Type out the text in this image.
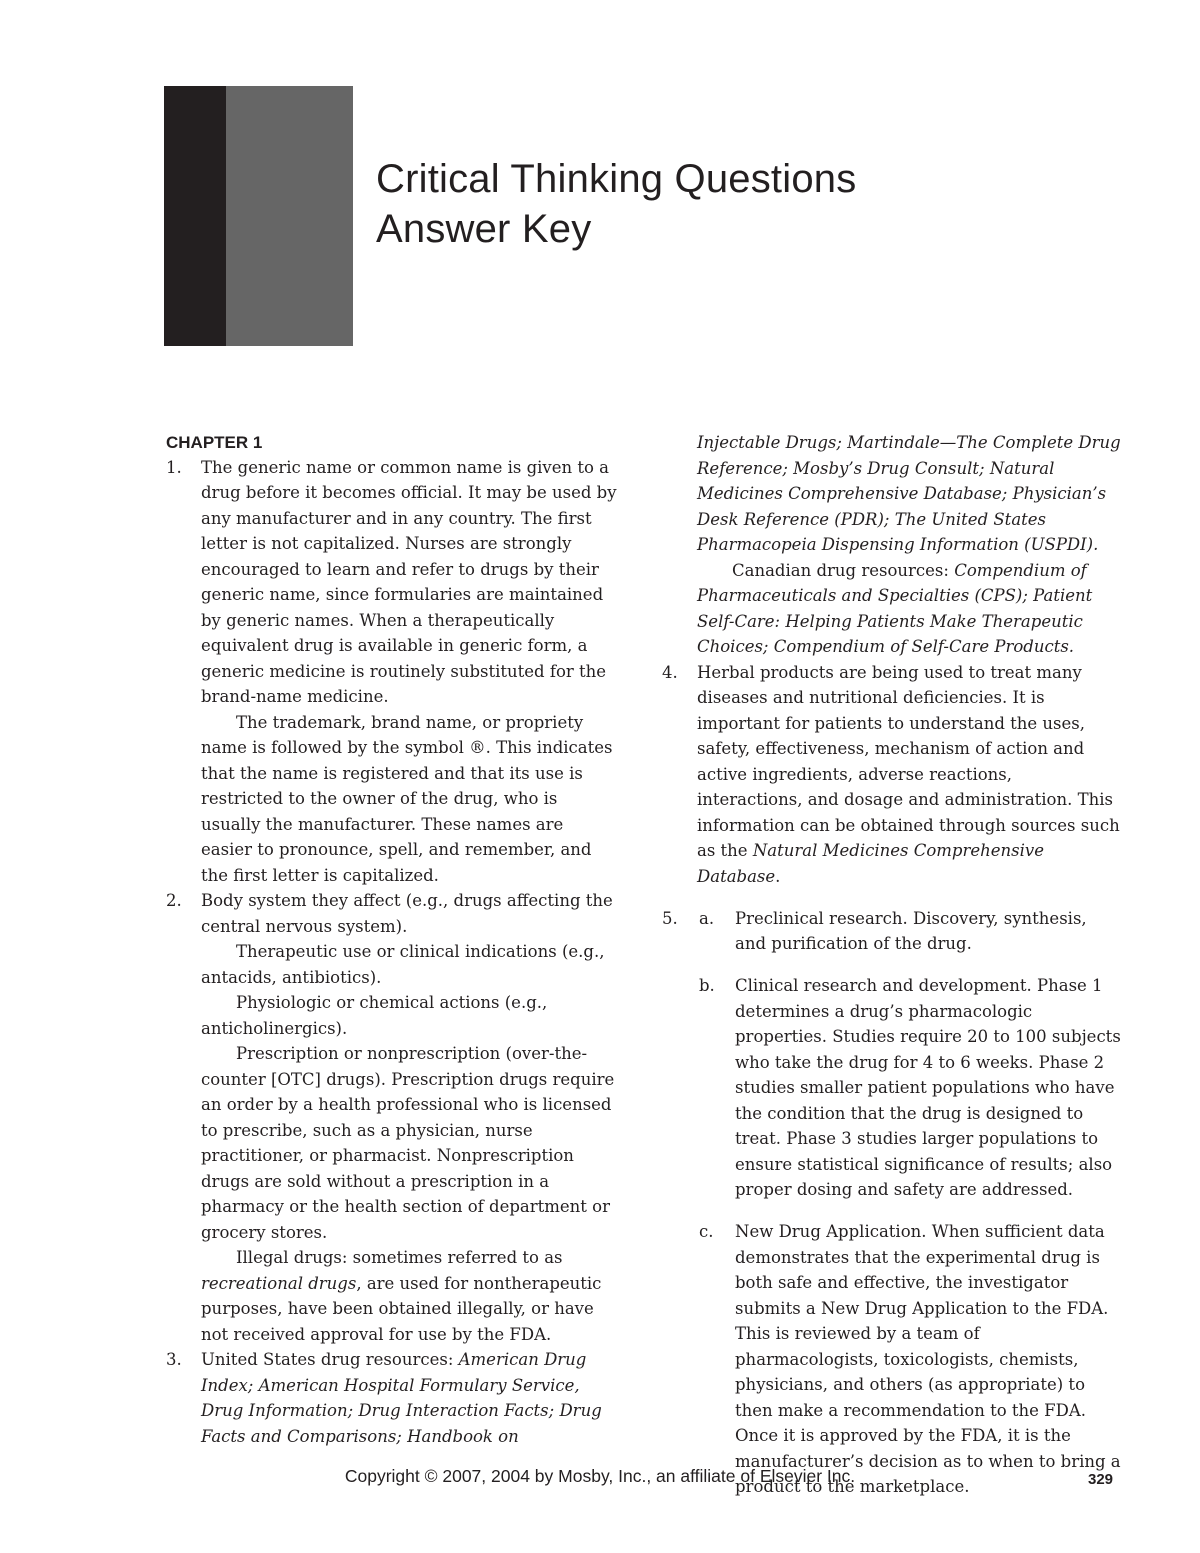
Critical Thinking Questions
Answer Key
CHAPTER 1
1. The generic name or common name is given to a drug before it becomes official. It may be used by any manufacturer and in any country. The first letter is not capitalized. Nurses are strongly encouraged to learn and refer to drugs by their generic name, since formularies are maintained by generic names. When a therapeutically equivalent drug is available in generic form, a generic medicine is routinely substituted for the brand-name medicine.

The trademark, brand name, or propriety name is followed by the symbol ®. This indicates that the name is registered and that its use is restricted to the owner of the drug, who is usually the manufacturer. These names are easier to pronounce, spell, and remember, and the first letter is capitalized.

2. Body system they affect (e.g., drugs affecting the central nervous system).

Therapeutic use or clinical indications (e.g., antacids, antibiotics).

Physiologic or chemical actions (e.g., anticholinergics).

Prescription or nonprescription (over-the-counter [OTC] drugs). Prescription drugs require an order by a health professional who is licensed to prescribe, such as a physician, nurse practitioner, or pharmacist. Nonprescription drugs are sold without a prescription in a pharmacy or the health section of department or grocery stores.

Illegal drugs: sometimes referred to as recreational drugs, are used for nontherapeutic purposes, have been obtained illegally, or have not received approval for use by the FDA.

3. United States drug resources: American Drug Index; American Hospital Formulary Service, Drug Information; Drug Interaction Facts; Drug Facts and Comparisons; Handbook on

Injectable Drugs; Martindale—The Complete Drug Reference; Mosby’s Drug Consult; Natural Medicines Comprehensive Database; Physician’s Desk Reference (PDR); The United States Pharmacopeia Dispensing Information (USPDI).

Canadian drug resources: Compendium of Pharmaceuticals and Specialties (CPS); Patient Self-Care: Helping Patients Make Therapeutic Choices; Compendium of Self-Care Products.

4. Herbal products are being used to treat many diseases and nutritional deficiencies. It is important for patients to understand the uses, safety, effectiveness, mechanism of action and active ingredients, adverse reactions, interactions, and dosage and administration. This information can be obtained through sources such as the Natural Medicines Comprehensive Database.

5. a. Preclinical research. Discovery, synthesis, and purification of the drug.

b. Clinical research and development. Phase 1 determines a drug’s pharmacologic properties. Studies require 20 to 100 subjects who take the drug for 4 to 6 weeks. Phase 2 studies smaller patient populations who have the condition that the drug is designed to treat. Phase 3 studies larger populations to ensure statistical significance of results; also proper dosing and safety are addressed.

c. New Drug Application. When sufficient data demonstrates that the experimental drug is both safe and effective, the investigator submits a New Drug Application to the FDA. This is reviewed by a team of pharmacologists, toxicologists, chemists, physicians, and others (as appropriate) to then make a recommendation to the FDA. Once it is approved by the FDA, it is the manufacturer’s decision as to when to bring a product to the marketplace.

Copyright © 2007, 2004 by Mosby, Inc., an affiliate of Elsevier Inc.	329
